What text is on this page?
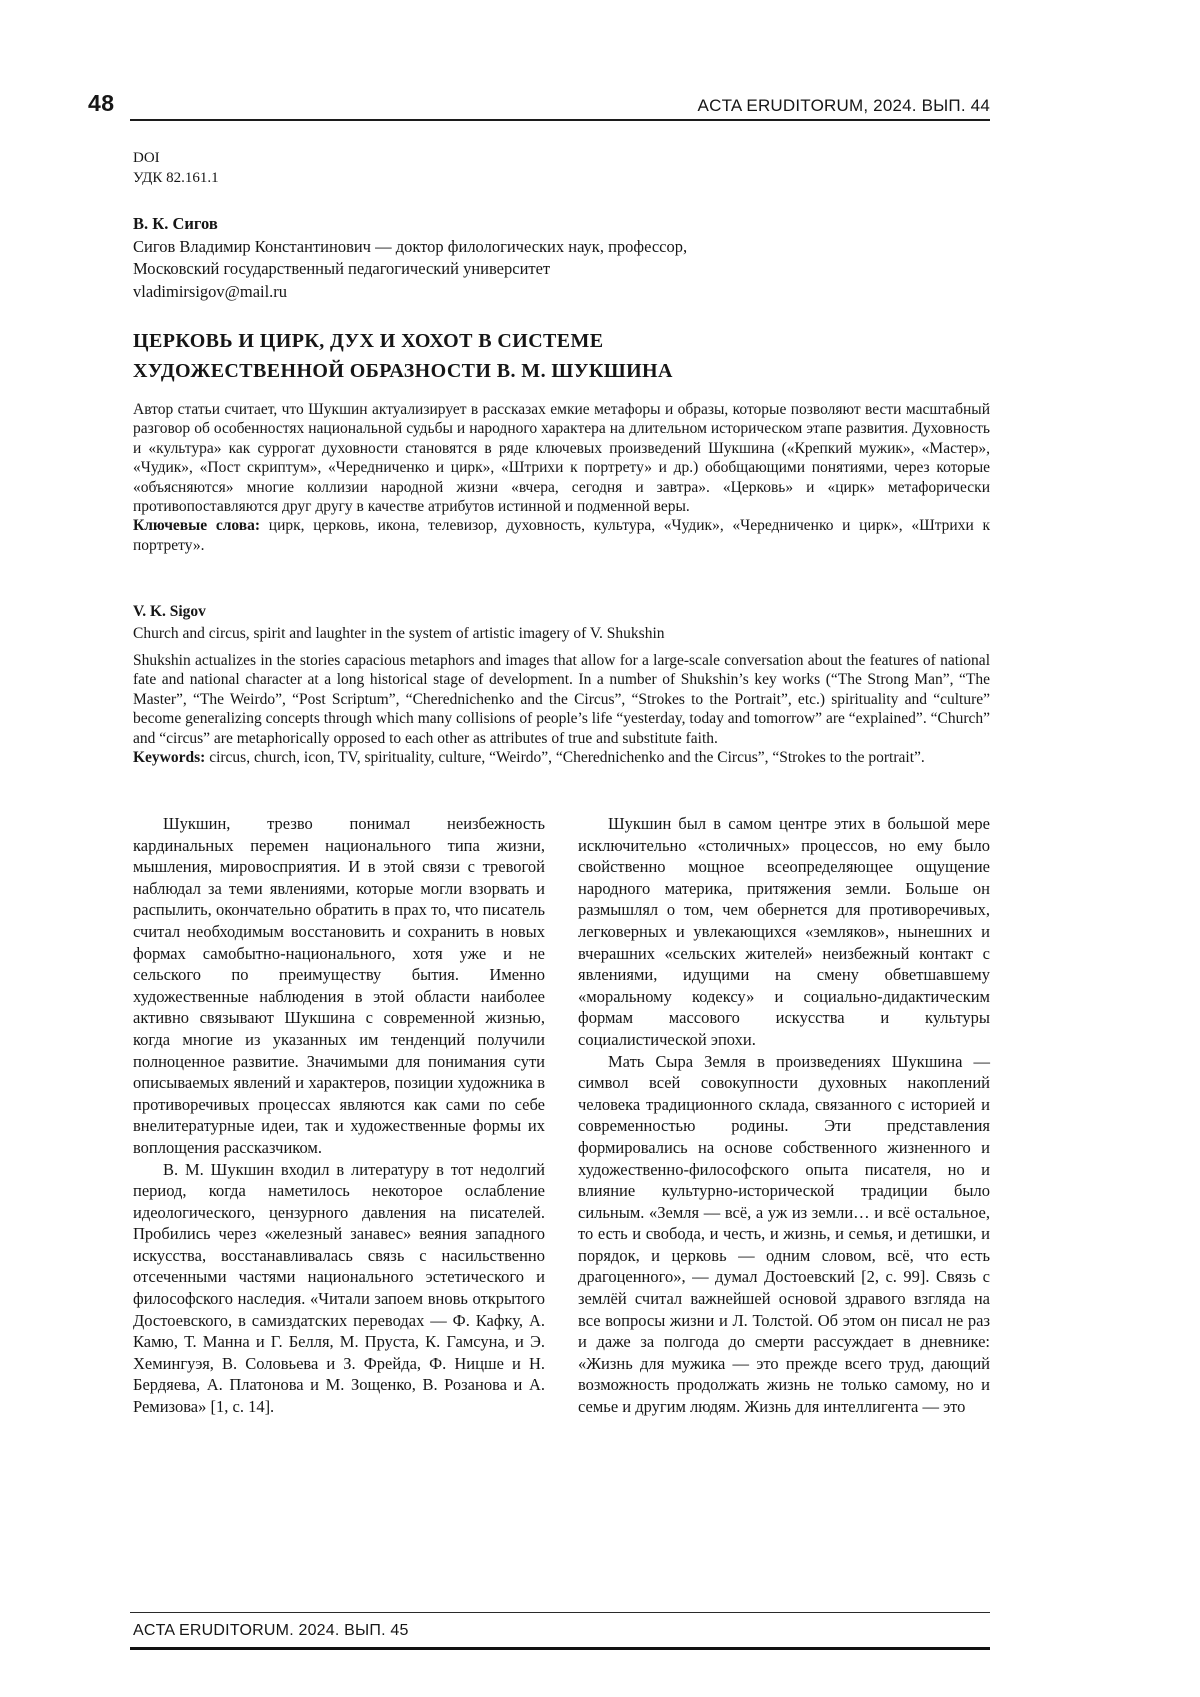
48	ACTA ERUDITORUM, 2024. ВЫП. 44
DOI
УДК 82.161.1
В. К. Сигов
Сигов Владимир Константинович — доктор филологических наук, профессор,
Московский государственный педагогический университет
vladimirsigov@mail.ru
ЦЕРКОВЬ И ЦИРК, ДУХ И ХОХОТ В СИСТЕМЕ
ХУДОЖЕСТВЕННОЙ ОБРАЗНОСТИ В. М. ШУКШИНА

Автор статьи считает, что Шукшин актуализирует в рассказах емкие метафоры и образы, которые позволяют вести масштабный разговор об особенностях национальной судьбы и народного характера на длительном историческом этапе развития. Духовность и «культура» как суррогат духовности становятся в ряде ключевых произведений Шукшина («Крепкий мужик», «Мастер», «Чудик», «Пост скриптум», «Чередниченко и цирк», «Штрихи к портрету» и др.) обобщающими понятиями, через которые «объясняются» многие коллизии народной жизни «вчера, сегодня и завтра». «Церковь» и «цирк» метафорически противопоставляются друг другу в качестве атрибутов истинной и подменной веры.

Ключевые слова: цирк, церковь, икона, телевизор, духовность, культура, «Чудик», «Чередниченко и цирк», «Штрихи к портрету».

V. K. Sigov
Church and circus, spirit and laughter in the system of artistic imagery of V. Shukshin

Shukshin actualizes in the stories capacious metaphors and images that allow for a large-scale conversation about the features of national fate and national character at a long historical stage of development. In a number of Shukshin’s key works (“The Strong Man”, “The Master”, “The Weirdo”, “Post Scriptum”, “Cherednichenko and the Circus”, “Strokes to the Portrait”, etc.) spirituality and “culture” become generalizing concepts through which many collisions of people’s life “yesterday, today and tomorrow” are “explained”. “Church” and “circus” are metaphorically opposed to each other as attributes of true and substitute faith.

Keywords: circus, church, icon, TV, spirituality, culture, “Weirdo”, “Cherednichenko and the Circus”, “Strokes to the portrait”.

Шукшин, трезво понимал неизбежность кардинальных перемен национального типа жизни, мышления, мировосприятия. И в этой связи с тревогой наблюдал за теми явлениями, которые могли взорвать и распылить, окончательно обратить в прах то, что писатель считал необходимым восстановить и сохранить в новых формах самобытно-национального, хотя уже и не сельского по преимуществу бытия. Именно художественные наблюдения в этой области наиболее активно связывают Шукшина с современной жизнью, когда многие из указанных им тенденций получили полноценное развитие. Значимыми для понимания сути описываемых явлений и характеров, позиции художника в противоречивых процессах являются как сами по себе внелитературные идеи, так и художественные формы их воплощения рассказчиком.

В. М. Шукшин входил в литературу в тот недолгий период, когда наметилось некоторое ослабление идеологического, цензурного давления на писателей. Пробились через «железный занавес» веяния западного искусства, восстанавливалась связь с насильственно отсеченными частями национального эстетического и философского наследия. «Читали запоем вновь открытого Достоевского, в самиздатских переводах — Ф. Кафку, А. Камю, Т. Манна и Г. Белля, М. Пруста, К. Гамсуна, и Э. Хемингуэя, В. Соловьева и З. Фрейда, Ф. Ницше и Н. Бердяева, А. Платонова и М. Зощенко, В. Розанова и А. Ремизова» [1, с. 14].

Шукшин был в самом центре этих в большой мере исключительно «столичных» процессов, но ему было свойственно мощное всеопределяющее ощущение народного материка, притяжения земли. Больше он размышлял о том, чем обернется для противоречивых, легковерных и увлекающихся «земляков», нынешних и вчерашних «сельских жителей» неизбежный контакт с явлениями, идущими на смену обветшавшему «моральному кодексу» и социально-дидактическим формам массового искусства и культуры социалистической эпохи.

Мать Сыра Земля в произведениях Шукшина — символ всей совокупности духовных накоплений человека традиционного склада, связанного с историей и современностью родины. Эти представления формировались на основе собственного жизненного и художественно-философского опыта писателя, но и влияние культурно-исторической традиции было сильным. «Земля — всё, а уж из земли… и всё остальное, то есть и свобода, и честь, и жизнь, и семья, и детишки, и порядок, и церковь — одним словом, всё, что есть драгоценного», — думал Достоевский [2, с. 99]. Связь с землёй считал важнейшей основой здравого взгляда на все вопросы жизни и Л. Толстой. Об этом он писал не раз и даже за полгода до смерти рассуждает в дневнике: «Жизнь для мужика — это прежде всего труд, дающий возможность продолжать жизнь не только самому, но и семье и другим людям. Жизнь для интеллигента — это

ACTA ERUDITORUM. 2024. ВЫП. 45
